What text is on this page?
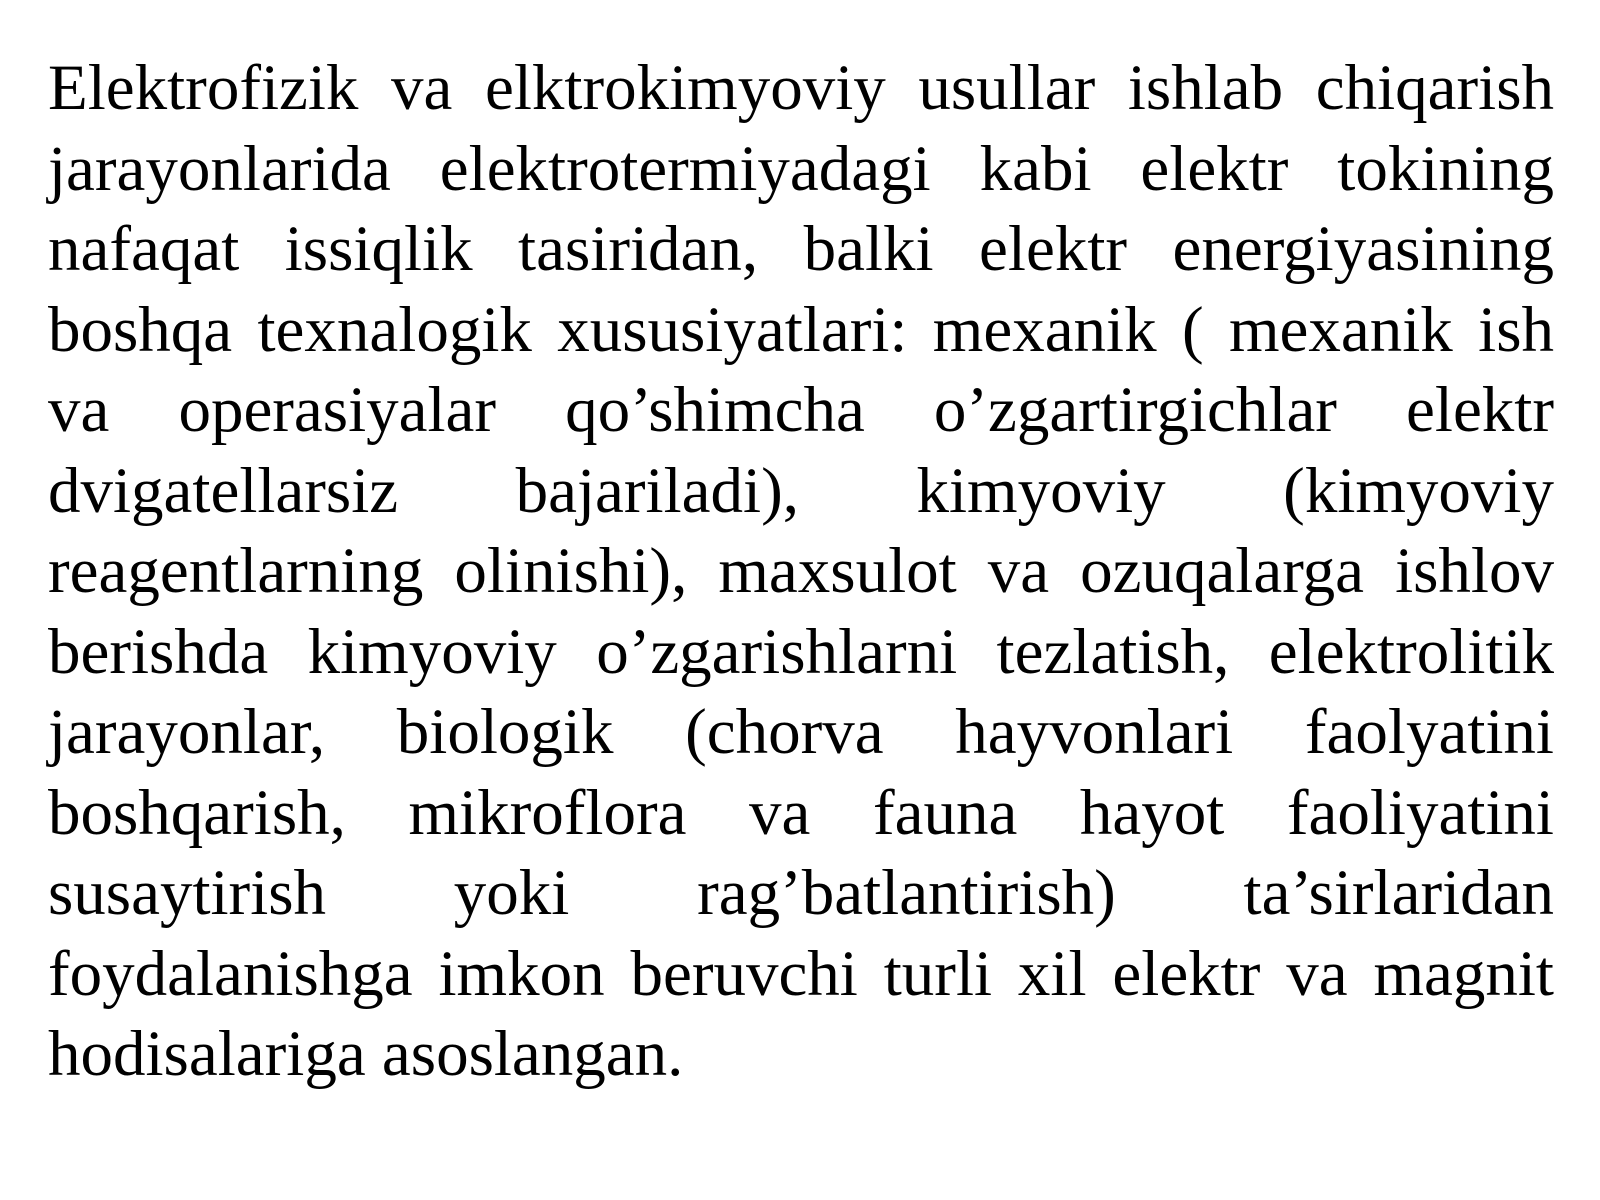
Elektrofizik va elktrokimyoviy usullar ishlab chiqarish jarayonlarida elektrotermiyadagi kabi elektr tokining nafaqat issiqlik tasiridan, balki elektr energiyasining boshqa texnalogik xususiyatlari: mexanik ( mexanik ish va operasiyalar qo’shimcha o’zgartirgichlar elektr dvigatellarsiz bajariladi), kimyoviy (kimyoviy reagentlarning olinishi), maxsulot va ozuqalarga ishlov berishda kimyoviy o’zgarishlarni tezlatish, elektrolitik jarayonlar, biologik (chorva hayvonlari faolyatini boshqarish, mikroflora va fauna hayot faoliyatini susaytirish yoki rag’batlantirish) ta’sirlaridan foydalanishga imkon beruvchi turli xil elektr va magnit hodisalariga asoslangan.
